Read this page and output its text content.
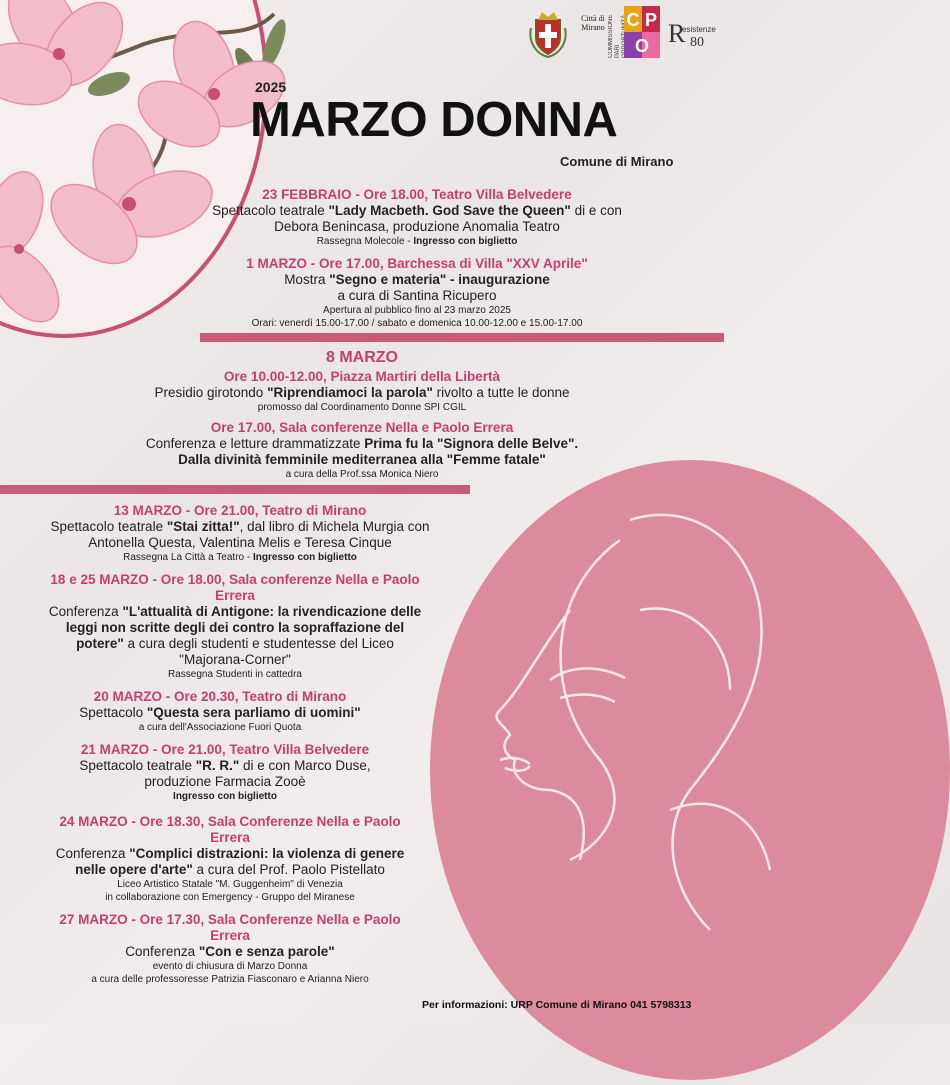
Città di Mirano COMMISSIONE PARI
C P
O R
esistenze
80
2025
MARZO DONNA
Comune di Mirano
23 FEBBRAIO - Ore 18.00, Teatro Villa Belvedere
Spettacolo teatrale "Lady Macbeth. God Save the Queen" di e con
Debora Benincasa, produzione Anomalia Teatro
Rassegna Molecole - Ingresso con biglietto
1 MARZO - Ore 17.00, Barchessa di Villa "XXV Aprile"
Mostra "Segno e materia" - inaugurazione
a cura di Santina Ricupero
Apertura al pubblico fino al 23 marzo 2025
Orari: venerdì 15.00-17.00 / sabato e domenica 10.00-12.00 e 15.00-17.00
8 MARZO
Ore 10.00-12.00, Piazza Martiri della Libertà
Presidio girotondo "Riprendiamoci la parola" rivolto a tutte le donne
promosso dal Coordinamento Donne SPI CGIL
Ore 17.00, Sala conferenze Nella e Paolo Errera
Conferenza e letture drammatizzate Prima fu la "Signora delle Belve".
Dalla divinità femminile mediterranea alla "Femme fatale"
a cura della Prof.ssa Monica Niero
13 MARZO - Ore 21.00, Teatro di Mirano
Spettacolo teatrale "Stai zitta!", dal libro di Michela Murgia con
Antonella Questa, Valentina Melis e Teresa Cinque
Rassegna La Città a Teatro - Ingresso con biglietto
18 e 25 MARZO - Ore 18.00, Sala conferenze Nella e Paolo
Errera
Conferenza "L'attualità di Antigone: la rivendicazione delle
leggi non scritte degli dei contro la sopraffazione del
potere" a cura degli studenti e studentesse del Liceo
"Majorana-Corner"
Rassegna Studenti in cattedra
20 MARZO - Ore 20.30, Teatro di Mirano
Spettacolo "Questa sera parliamo di uomini"
a cura dell'Associazione Fuori Quota
21 MARZO - Ore 21.00, Teatro Villa Belvedere
Spettacolo teatrale "R. R." di e con Marco Duse,
produzione Farmacia Zooè
Ingresso con biglietto
24 MARZO - Ore 18.30, Sala Conferenze Nella e Paolo
Errera
Conferenza "Complici distrazioni: la violenza di genere
nelle opere d'arte" a cura del Prof. Paolo Pistellato
Liceo Artistico Statale "M. Guggenheim" di Venezia
in collaborazione con Emergency - Gruppo del Miranese
27 MARZO - Ore 17.30, Sala Conferenze Nella e Paolo
Errera
Conferenza "Con e senza parole"
evento di chiusura di Marzo Donna
a cura delle professoresse Patrizia Fiasconaro e Arianna Niero
Per informazioni: URP Comune di Mirano 041 5798313
